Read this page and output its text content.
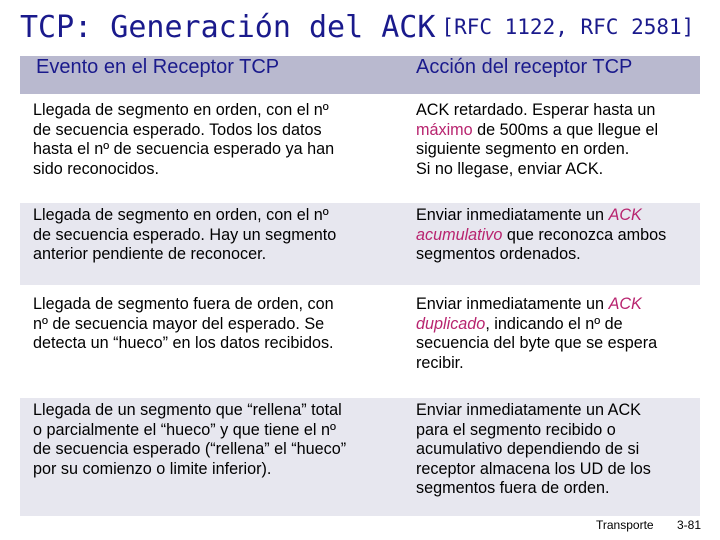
TCP: Generación del ACK [RFC 1122, RFC 2581]
Evento en el Receptor TCP	Acción del receptor TCP
Llegada de segmento en orden, con el nº
de secuencia esperado. Todos los datos
hasta el nº de secuencia esperado ya han
sido reconocidos.
ACK retardado. Esperar hasta un
máximo de 500ms a que llegue el
siguiente segmento en orden.
Si no llegase, enviar ACK.
Llegada de segmento en orden, con el nº
de secuencia esperado. Hay un segmento
anterior pendiente de reconocer.
Enviar inmediatamente un ACK
acumulativo que reconozca ambos
segmentos ordenados.
Llegada de segmento fuera de orden, con
nº de secuencia mayor del esperado. Se
detecta un “hueco” en los datos recibidos.
Enviar inmediatamente un ACK
duplicado, indicando el nº de
secuencia del byte que se espera
recibir.
Llegada de un segmento que “rellena” total
o parcialmente el “hueco” y que tiene el nº
de secuencia esperado (“rellena” el “hueco”
por su comienzo o limite inferior).
Enviar inmediatamente un ACK
para el segmento recibido o
acumulativo dependiendo de si
receptor almacena los UD de los
segmentos fuera de orden.
Transporte 3-81
